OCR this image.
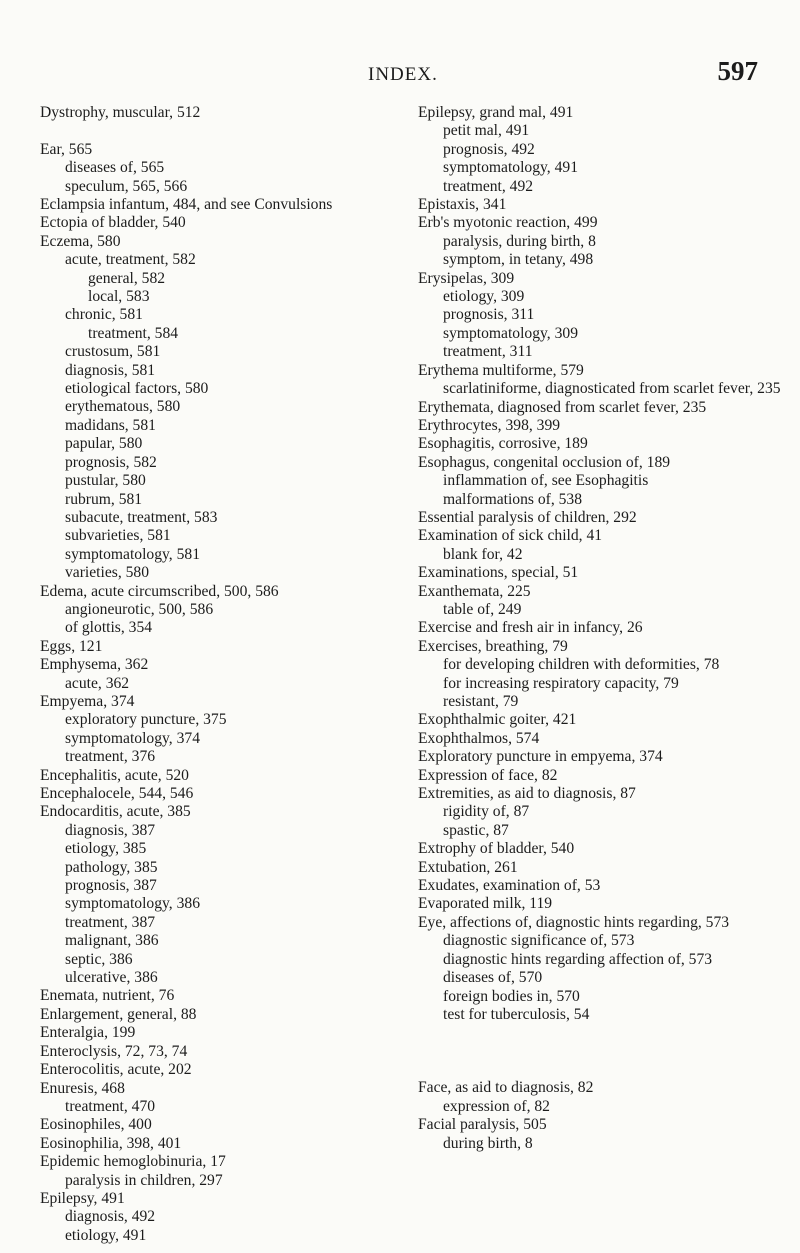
INDEX.	597
Dystrophy, muscular, 512
Ear, 565
diseases of, 565
speculum, 565, 566
Eclampsia infantum, 484, and see Convulsions
Ectopia of bladder, 540
Eczema, 580
acute, treatment, 582
general, 582
local, 583
chronic, 581
treatment, 584
crustosum, 581
diagnosis, 581
etiological factors, 580
erythematous, 580
madidans, 581
papular, 580
prognosis, 582
pustular, 580
rubrum, 581
subacute, treatment, 583
subvarieties, 581
symptomatology, 581
varieties, 580
Edema, acute circumscribed, 500, 586
angioneurotic, 500, 586
of glottis, 354
Eggs, 121
Emphysema, 362
acute, 362
Empyema, 374
exploratory puncture, 375
symptomatology, 374
treatment, 376
Encephalitis, acute, 520
Encephalocele, 544, 546
Endocarditis, acute, 385
diagnosis, 387
etiology, 385
pathology, 385
prognosis, 387
symptomatology, 386
treatment, 387
malignant, 386
septic, 386
ulcerative, 386
Enemata, nutrient, 76
Enlargement, general, 88
Enteralgia, 199
Enteroclysis, 72, 73, 74
Enterocolitis, acute, 202
Enuresis, 468
treatment, 470
Eosinophiles, 400
Eosinophilia, 398, 401
Epidemic hemoglobinuria, 17
paralysis in children, 297
Epilepsy, 491
diagnosis, 492
etiology, 491
Epilepsy, grand mal, 491
petit mal, 491
prognosis, 492
symptomatology, 491
treatment, 492
Epistaxis, 341
Erb's myotonic reaction, 499
paralysis, during birth, 8
symptom, in tetany, 498
Erysipelas, 309
etiology, 309
prognosis, 311
symptomatology, 309
treatment, 311
Erythema multiforme, 579
scarlatiniforme, diagnosticated from scarlet fever, 235
Erythemata, diagnosed from scarlet fever, 235
Erythrocytes, 398, 399
Esophagitis, corrosive, 189
Esophagus, congenital occlusion of, 189
inflammation of, see Esophagitis
malformations of, 538
Essential paralysis of children, 292
Examination of sick child, 41
blank for, 42
Examinations, special, 51
Exanthemata, 225
table of, 249
Exercise and fresh air in infancy, 26
Exercises, breathing, 79
for developing children with deformities, 78
for increasing respiratory capacity, 79
resistant, 79
Exophthalmic goiter, 421
Exophthalmos, 574
Exploratory puncture in empyema, 374
Expression of face, 82
Extremities, as aid to diagnosis, 87
rigidity of, 87
spastic, 87
Extrophy of bladder, 540
Extubation, 261
Exudates, examination of, 53
Evaporated milk, 119
Eye, affections of, diagnostic hints regarding, 573
diagnostic significance of, 573
diagnostic hints regarding affection of, 573
diseases of, 570
foreign bodies in, 570
test for tuberculosis, 54
Face, as aid to diagnosis, 82
expression of, 82
Facial paralysis, 505
during birth, 8
